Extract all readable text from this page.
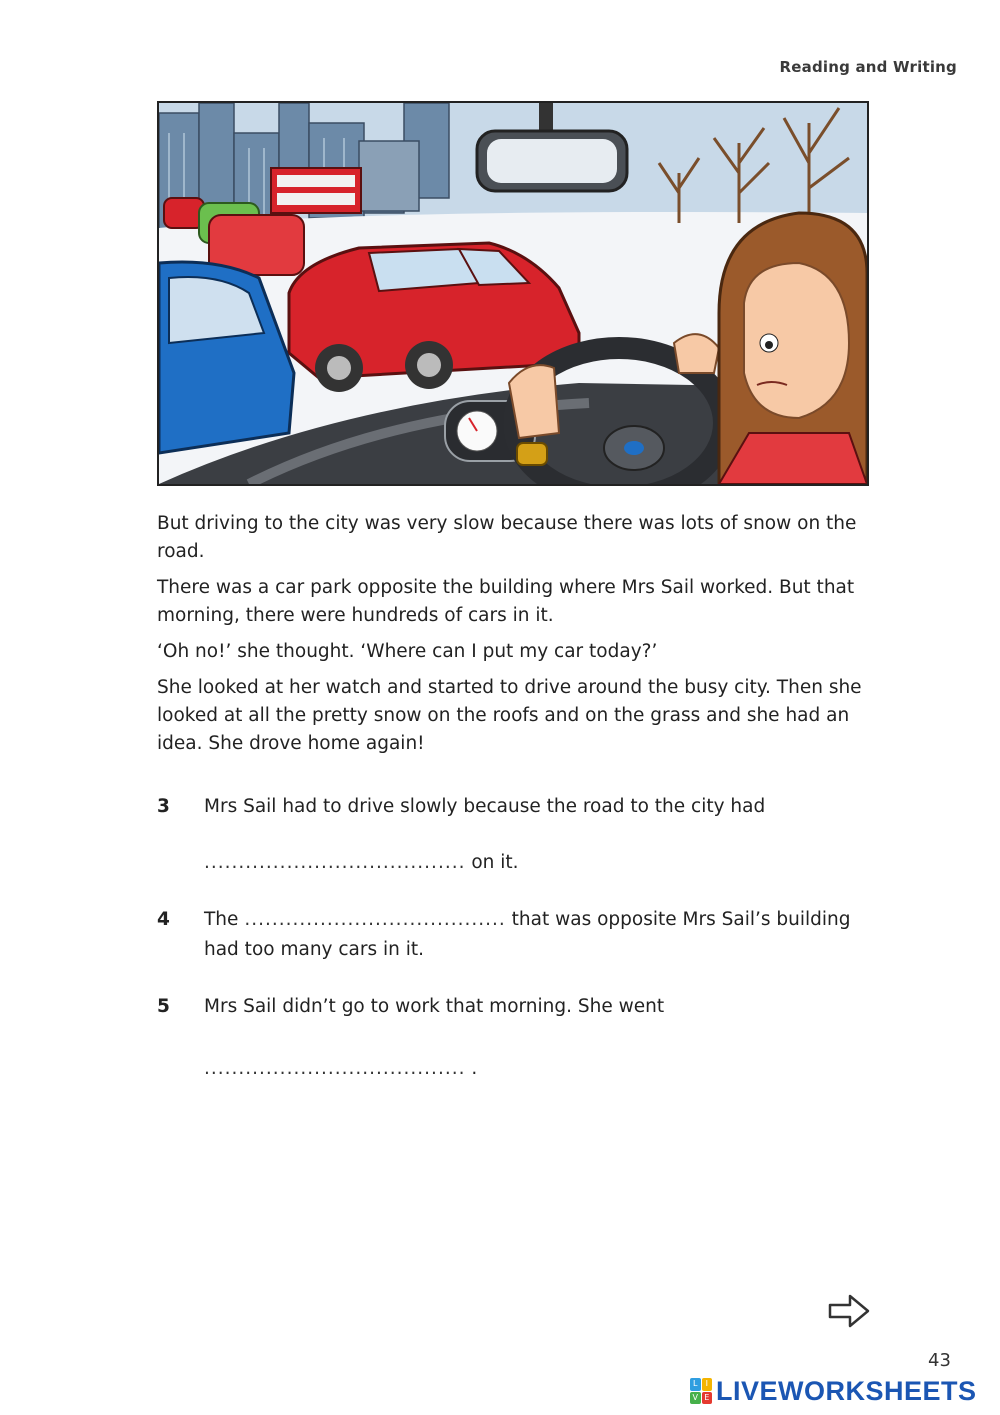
Reading and Writing

But driving to the city was very slow because there was lots of snow on the road.

There was a car park opposite the building where Mrs Sail worked. But that morning, there were hundreds of cars in it.

‘Oh no!’ she thought. ‘Where can I put my car today?’

She looked at her watch and started to drive around the busy city. Then she looked at all the pretty snow on the roofs and on the grass and she had an idea. She drove home again!

3 Mrs Sail had to drive slowly because the road to the city had
...................................... on it.
4 The ...................................... that was opposite Mrs Sail’s building
had too many cars in it.
5 Mrs Sail didn’t go to work that morning. She went
...................................... .
43
L	I
V E LIVEWORKSHEETS
